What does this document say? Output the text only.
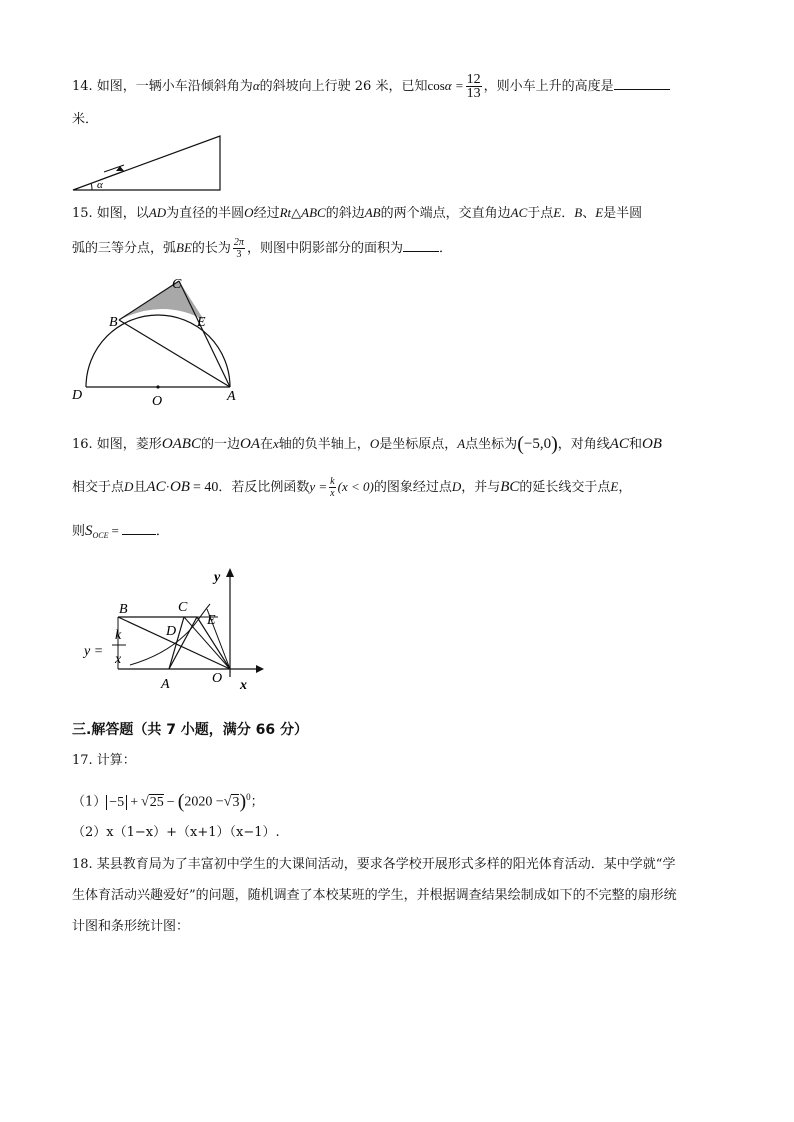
14. 如图，一辆小车沿倾斜角为α的斜坡向上行驶 26 米，已知$\cos\alpha = \frac{12}{13}$ ，则小车上升的高度是
米．
α
15. 如图，以AD为直径的半圆O经过Rt△ABC的斜边AB的两个端点，交直角边AC于点E．B、E是半圆
弧的三等分点，弧BE的长为 $\frac{2\pi}{3}$ ，则图中阴影部分的面积为	．
C
B	E
D	O	A
16. 如图，菱形OABC的一边OA在x轴的负半轴上，O是坐标原点，A点坐标为(−5,0)，对角线AC和OB
相交于点D且AC·OB = 40．若反比例函数$y = \frac{k}{x} (x < 0)$的图象经过点D，并与BC的延长线交于点E，
则$S_{OCE}$ =	．
y
x
B	C
D
E
A	O
y =
k
x
三.解答题（共 7 小题，满分 66 分）
17. 计算：
$(1) -5 + √25 - (2020 -√3)^0$；
（2）x（1−x）+（x+1）（x−1）.
18. 某县教育局为了丰富初中学生的大课间活动，要求各学校开展形式多样的阳光体育活动．某中学就“学
生体育活动兴趣爱好”的问题，随机调查了本校某班的学生，并根据调查结果绘制成如下的不完整的扇形统
计图和条形统计图：
